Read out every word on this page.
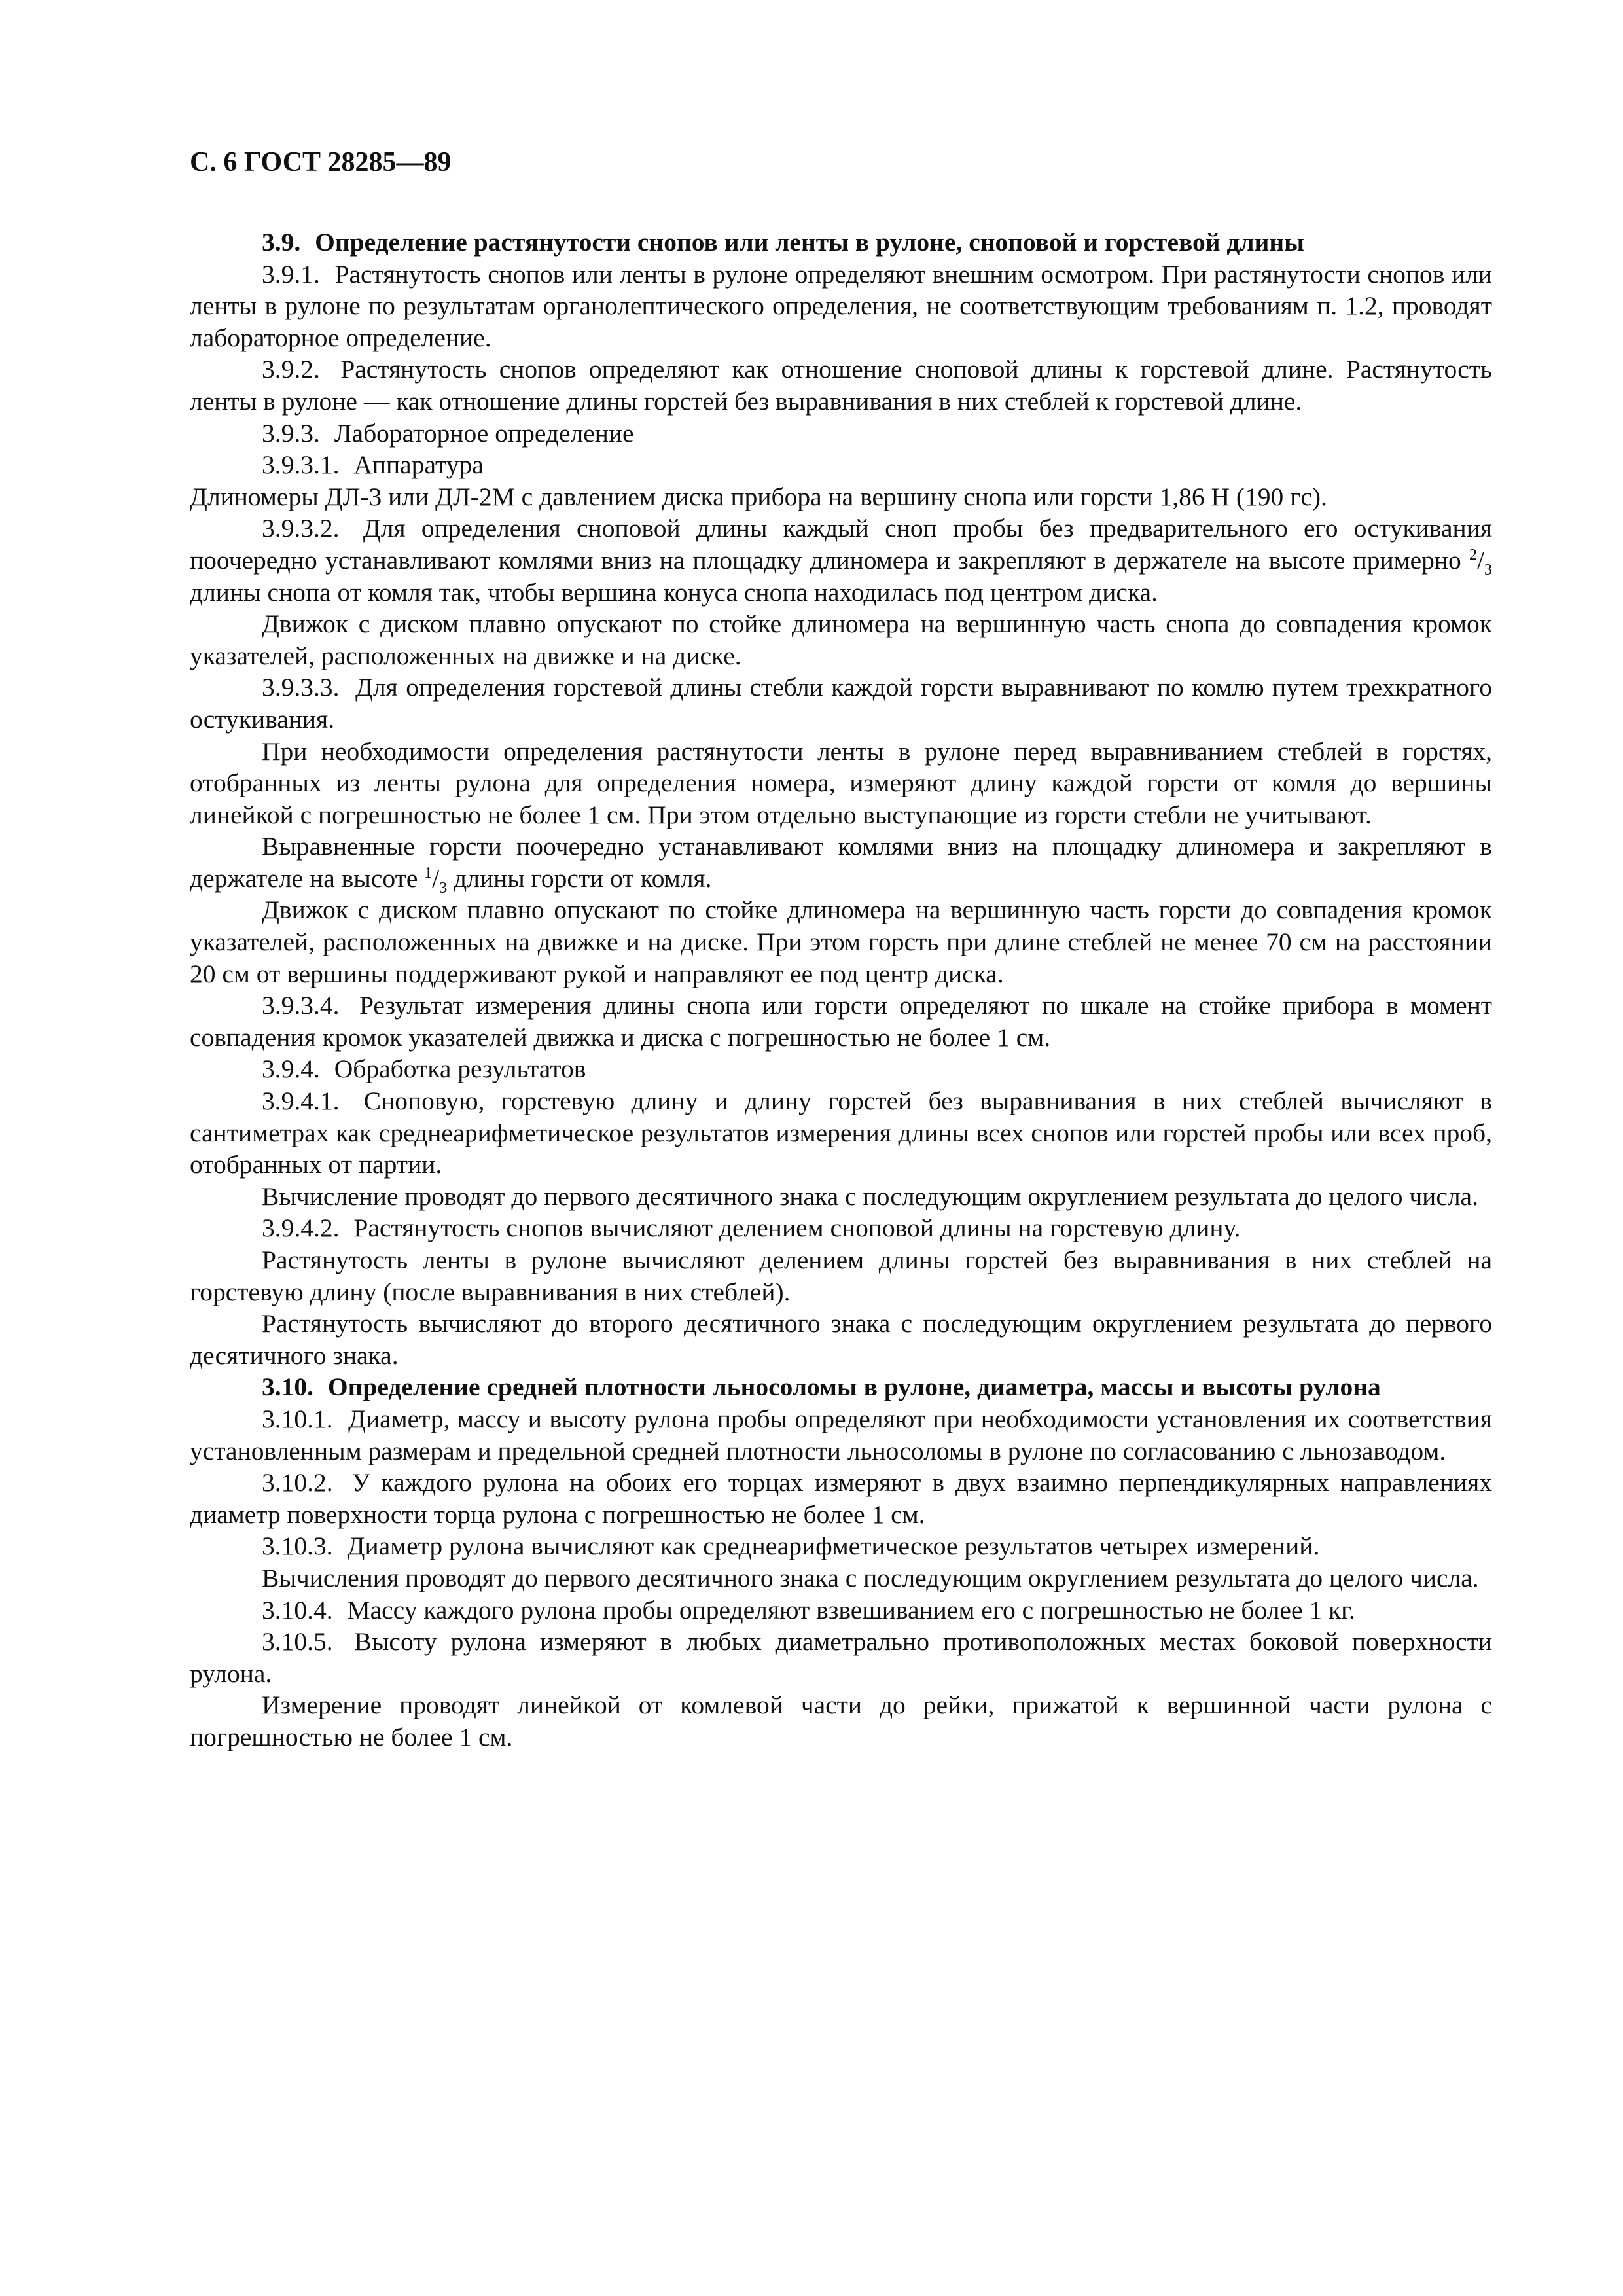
С. 6 ГОСТ 28285—89

3.9. Определение растянутости снопов или ленты в рулоне, сноповой и горстевой длины

3.9.1. Растянутость снопов или ленты в рулоне определяют внешним осмотром. При растянутости снопов или ленты в рулоне по результатам органолептического определения, не соответствующим требованиям п. 1.2, проводят лабораторное определение.

3.9.2. Растянутость снопов определяют как отношение сноповой длины к горстевой длине. Растянутость ленты в рулоне — как отношение длины горстей без выравнивания в них стеблей к горстевой длине.

3.9.3. Лабораторное определение

3.9.3.1. Аппаратура

Длиномеры ДЛ-3 или ДЛ-2М с давлением диска прибора на вершину снопа или горсти 1,86 Н (190 гс).

3.9.3.2. Для определения сноповой длины каждый сноп пробы без предварительного его остукивания поочередно устанавливают комлями вниз на площадку длиномера и закрепляют в держателе на высоте примерно $^2/_3$ длины снопа от комля так, чтобы вершина конуса снопа находилась под центром диска.

Движок с диском плавно опускают по стойке длиномера на вершинную часть снопа до совпадения кромок указателей, расположенных на движке и на диске.

3.9.3.3. Для определения горстевой длины стебли каждой горсти выравнивают по комлю путем трехкратного остукивания.

При необходимости определения растянутости ленты в рулоне перед выравниванием стеблей в горстях, отобранных из ленты рулона для определения номера, измеряют длину каждой горсти от комля до вершины линейкой с погрешностью не более 1 см. При этом отдельно выступающие из горсти стебли не учитывают.

Выравненные горсти поочередно устанавливают комлями вниз на площадку длиномера и закрепляют в держателе на высоте $^1/_3$ длины горсти от комля.

Движок с диском плавно опускают по стойке длиномера на вершинную часть горсти до совпадения кромок указателей, расположенных на движке и на диске. При этом горсть при длине стеблей не менее 70 см на расстоянии 20 см от вершины поддерживают рукой и направляют ее под центр диска.

3.9.3.4. Результат измерения длины снопа или горсти определяют по шкале на стойке прибора в момент совпадения кромок указателей движка и диска с погрешностью не более 1 см.

3.9.4. Обработка результатов

3.9.4.1. Сноповую, горстевую длину и длину горстей без выравнивания в них стеблей вычисляют в сантиметрах как среднеарифметическое результатов измерения длины всех снопов или горстей пробы или всех проб, отобранных от партии.

Вычисление проводят до первого десятичного знака с последующим округлением результата до целого числа.

3.9.4.2. Растянутость снопов вычисляют делением сноповой длины на горстевую длину.

Растянутость ленты в рулоне вычисляют делением длины горстей без выравнивания в них стеблей на горстевую длину (после выравнивания в них стеблей).

Растянутость вычисляют до второго десятичного знака с последующим округлением результата до первого десятичного знака.

3.10. Определение средней плотности льносоломы в рулоне, диаметра, массы и высоты рулона

3.10.1. Диаметр, массу и высоту рулона пробы определяют при необходимости установления их соответствия установленным размерам и предельной средней плотности льносоломы в рулоне по согласованию с льнозаводом.

3.10.2. У каждого рулона на обоих его торцах измеряют в двух взаимно перпендикулярных направлениях диаметр поверхности торца рулона с погрешностью не более 1 см.

3.10.3. Диаметр рулона вычисляют как среднеарифметическое результатов четырех измерений.

Вычисления проводят до первого десятичного знака с последующим округлением результата до целого числа.

3.10.4. Массу каждого рулона пробы определяют взвешиванием его с погрешностью не более 1 кг.

3.10.5. Высоту рулона измеряют в любых диаметрально противоположных местах боковой поверхности рулона.

Измерение проводят линейкой от комлевой части до рейки, прижатой к вершинной части рулона с погрешностью не более 1 см.
